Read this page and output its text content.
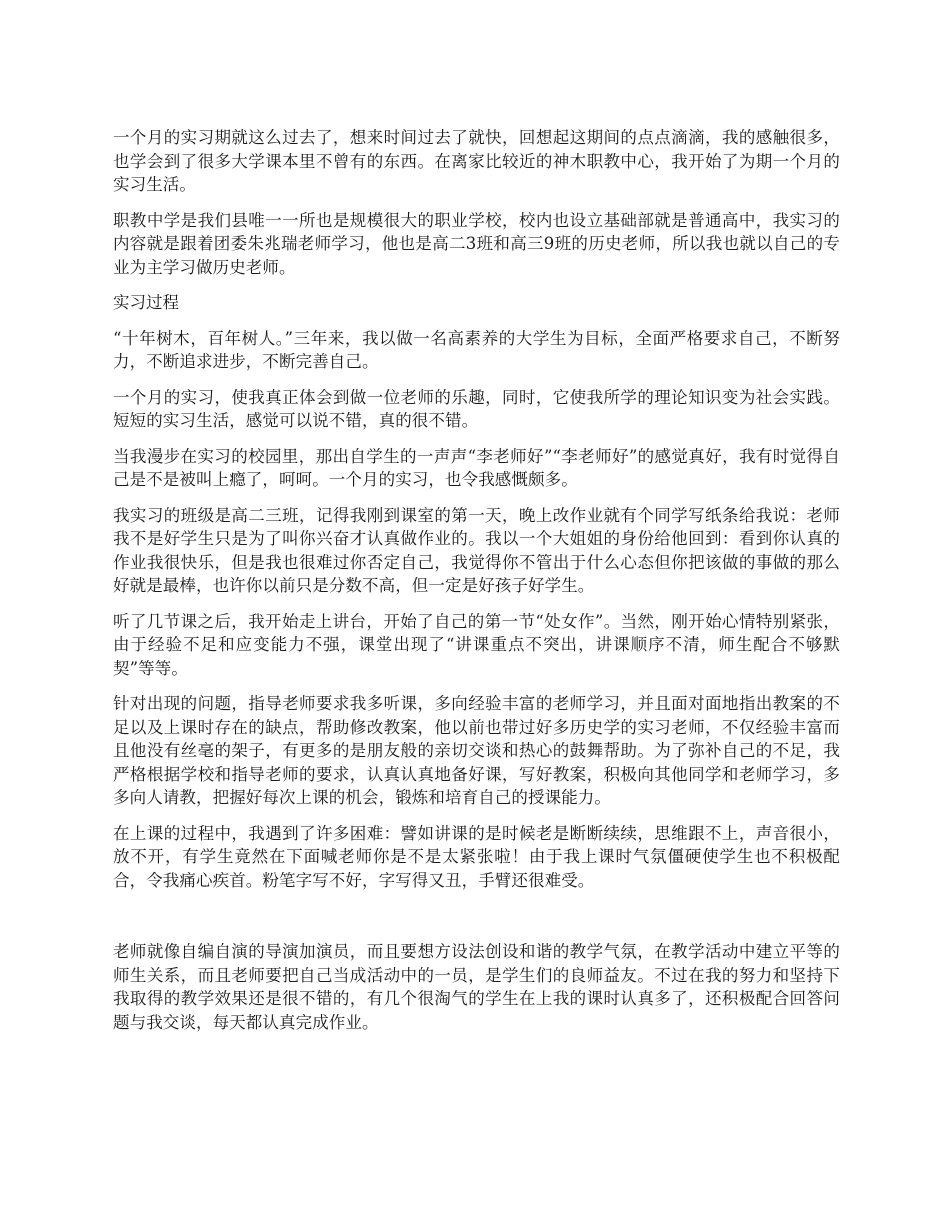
一个月的实习期就这么过去了，想来时间过去了就快，回想起这期间的点点滴滴，我的感触很多，也学会到了很多大学课本里不曾有的东西。在离家比较近的神木职教中心，我开始了为期一个月的实习生活。

职教中学是我们县唯一一所也是规模很大的职业学校，校内也设立基础部就是普通高中，我实习的内容就是跟着团委朱兆瑞老师学习，他也是高二3班和高三9班的历史老师，所以我也就以自己的专业为主学习做历史老师。

实习过程

“十年树木，百年树人。”三年来，我以做一名高素养的大学生为目标，全面严格要求自己，不断努力，不断追求进步，不断完善自己。

一个月的实习，使我真正体会到做一位老师的乐趣，同时，它使我所学的理论知识变为社会实践。短短的实习生活，感觉可以说不错，真的很不错。

当我漫步在实习的校园里，那出自学生的一声声“李老师好”“李老师好”的感觉真好，我有时觉得自己是不是被叫上瘾了，呵呵。一个月的实习，也令我感慨颇多。

我实习的班级是高二三班，记得我刚到课室的第一天，晚上改作业就有个同学写纸条给我说：老师我不是好学生只是为了叫你兴奋才认真做作业的。我以一个大姐姐的身份给他回到：看到你认真的作业我很快乐，但是我也很难过你否定自己，我觉得你不管出于什么心态但你把该做的事做的那么好就是最棒，也许你以前只是分数不高，但一定是好孩子好学生。

听了几节课之后，我开始走上讲台，开始了自己的第一节“处女作”。当然，刚开始心情特别紧张，由于经验不足和应变能力不强，课堂出现了“讲课重点不突出，讲课顺序不清，师生配合不够默契”等等。

针对出现的问题，指导老师要求我多听课，多向经验丰富的老师学习，并且面对面地指出教案的不足以及上课时存在的缺点，帮助修改教案，他以前也带过好多历史学的实习老师，不仅经验丰富而且他没有丝毫的架子，有更多的是朋友般的亲切交谈和热心的鼓舞帮助。为了弥补自己的不足，我严格根据学校和指导老师的要求，认真认真地备好课，写好教案，积极向其他同学和老师学习，多多向人请教，把握好每次上课的机会，锻炼和培育自己的授课能力。

在上课的过程中，我遇到了许多困难：譬如讲课的是时候老是断断续续，思维跟不上，声音很小，放不开，有学生竟然在下面喊老师你是不是太紧张啦！由于我上课时气氛僵硬使学生也不积极配合，令我痛心疾首。粉笔字写不好，字写得又丑，手臂还很难受。

老师就像自编自演的导演加演员，而且要想方设法创设和谐的教学气氛，在教学活动中建立平等的师生关系，而且老师要把自己当成活动中的一员，是学生们的良师益友。不过在我的努力和坚持下我取得的教学效果还是很不错的，有几个很淘气的学生在上我的课时认真多了，还积极配合回答问题与我交谈，每天都认真完成作业。
